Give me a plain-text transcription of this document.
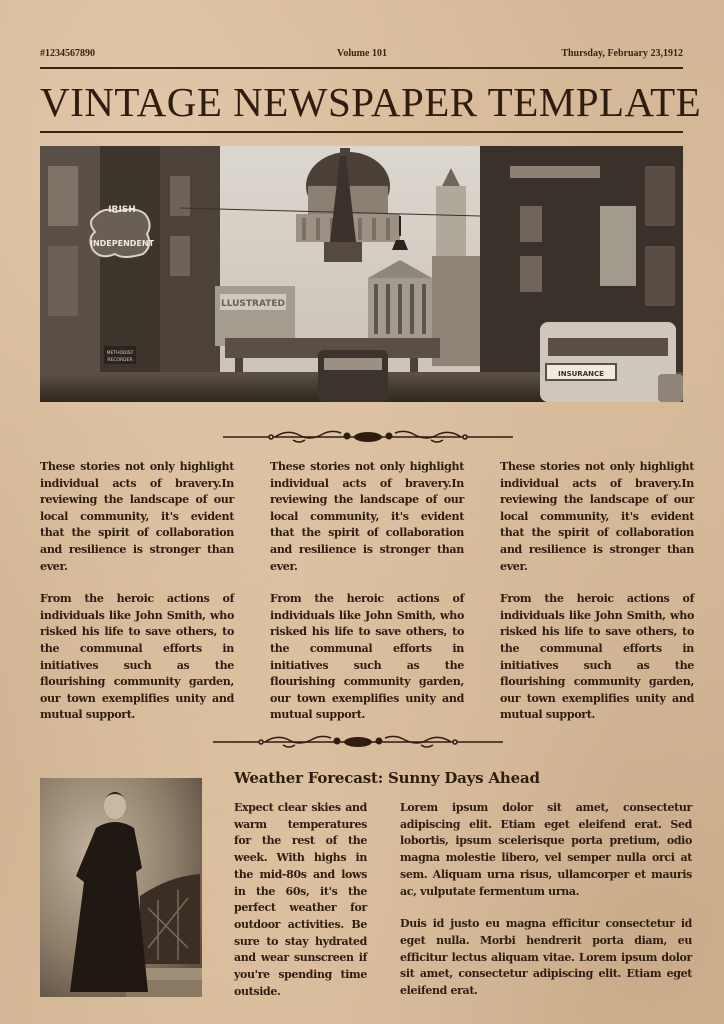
#1234567890	Volume 101	Thursday, February 23,1912
VINTAGE NEWSPAPER TEMPLATE
IRISH
INDEPENDENT
METHODIST
RECORDER
LLUSTRATED
INSURANCE

These stories not only highlight individual acts of bravery.In reviewing the landscape of our local community, it's evident that the spirit of collaboration and resilience is stronger than ever.

From the heroic actions of individuals like John Smith, who risked his life to save others, to the communal efforts in initiatives such as the flourishing community garden, our town exemplifies unity and mutual support.

These stories not only highlight individual acts of bravery.In reviewing the landscape of our local community, it's evident that the spirit of collaboration and resilience is stronger than ever.

From the heroic actions of individuals like John Smith, who risked his life to save others, to the communal efforts in initiatives such as the flourishing community garden, our town exemplifies unity and mutual support.

These stories not only highlight individual acts of bravery.In reviewing the landscape of our local community, it's evident that the spirit of collaboration and resilience is stronger than ever.

From the heroic actions of individuals like John Smith, who risked his life to save others, to the communal efforts in initiatives such as the flourishing community garden, our town exemplifies unity and mutual support.

Weather Forecast: Sunny Days Ahead

Expect clear skies and warm temperatures for the rest of the week. With highs in the mid-80s and lows in the 60s, it's the perfect weather for outdoor activities. Be sure to stay hydrated and wear sunscreen if you're spending time outside.

Lorem ipsum dolor sit amet, consectetur adipiscing elit. Etiam eget eleifend erat. Sed lobortis, ipsum scelerisque porta pretium, odio magna molestie libero, vel semper nulla orci at sem. Aliquam urna risus, ullamcorper et mauris ac, vulputate fermentum urna.

Duis id justo eu magna efficitur consectetur id eget nulla. Morbi hendrerit porta diam, eu efficitur lectus aliquam vitae. Lorem ipsum dolor sit amet, consectetur adipiscing elit. Etiam eget eleifend erat.
